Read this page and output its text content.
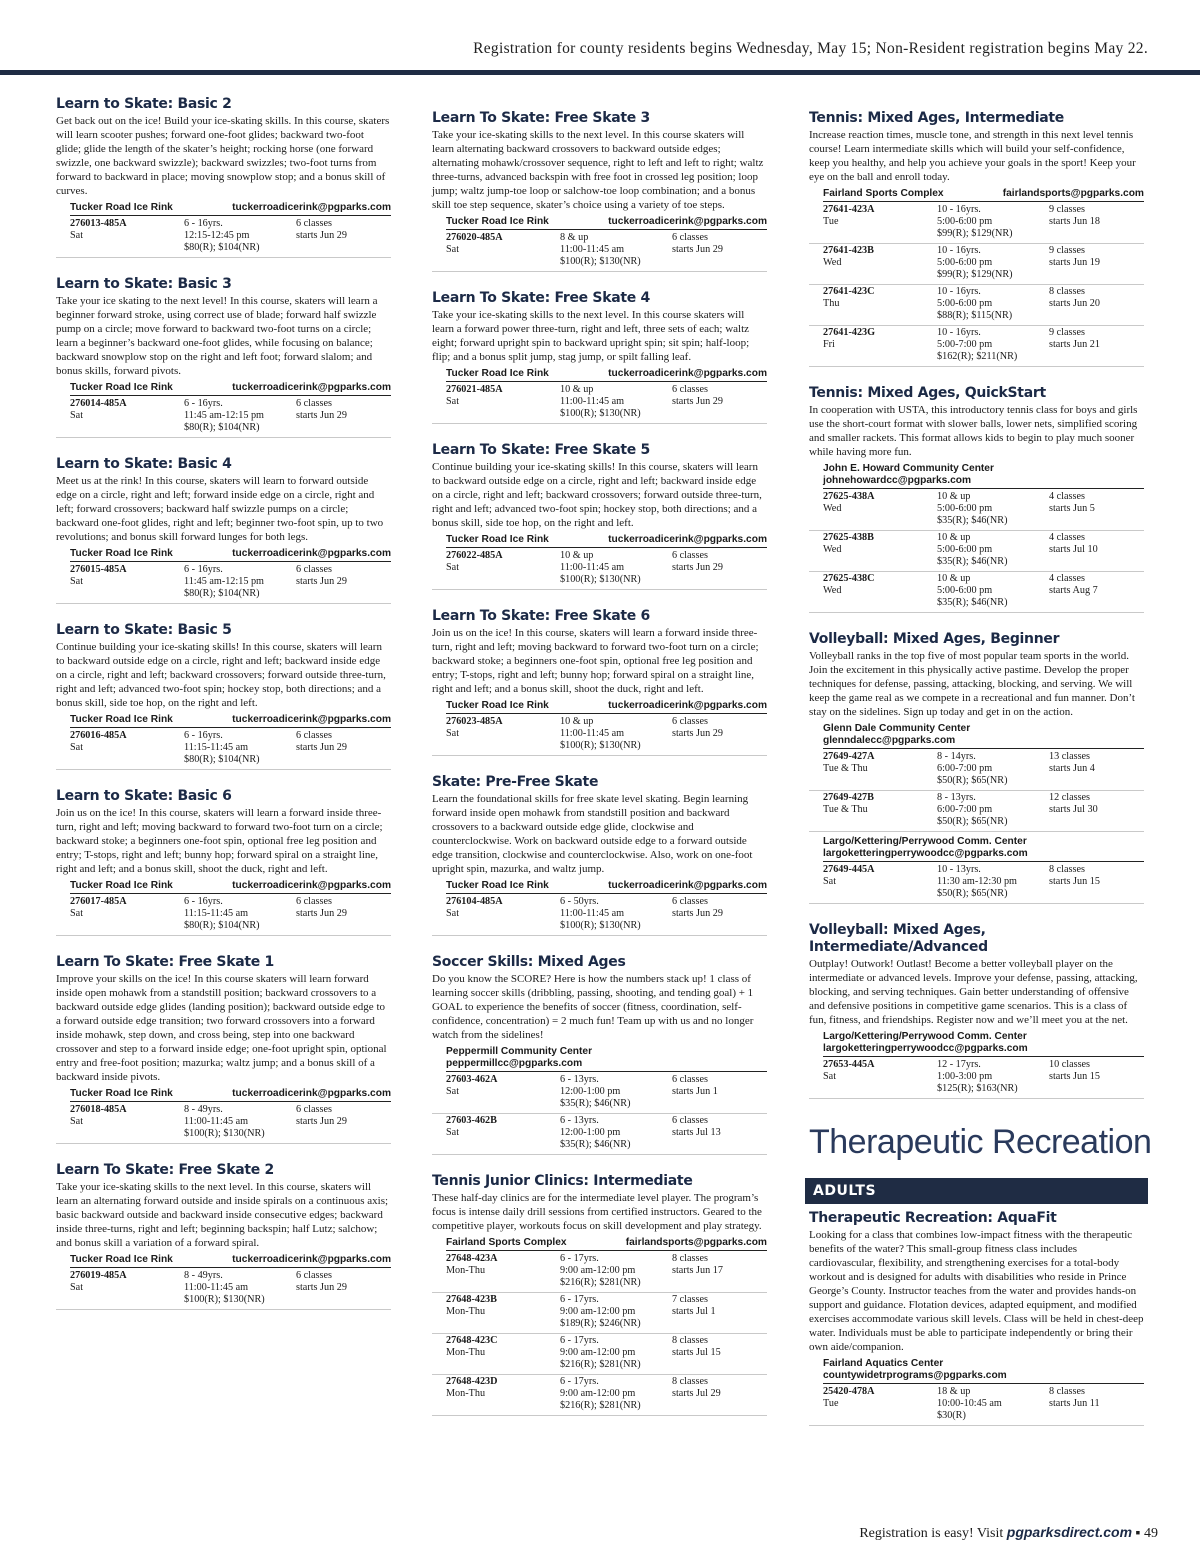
Registration for county residents begins Wednesday, May 15; Non-Resident registration begins May 22.
Learn to Skate: Basic 2
Get back out on the ice! Build your ice-skating skills. In this course, skaters will learn scooter pushes; forward one-foot glides; backward two-foot glide; glide the length of the skater’s height; rocking horse (one forward swizzle, one backward swizzle); backward swizzles; two-foot turns from forward to backward in place; moving snowplow stop; and a bonus skill of curves.
Tucker Road Ice Rink	tuckerroadicerink@pgparks.com
276013-485A	6 - 16yrs.	6 classes
Sat	12:15-12:45 pm	starts Jun 29
$80(R); $104(NR)
Learn to Skate: Basic 3
Take your ice skating to the next level! In this course, skaters will learn a beginner forward stroke, using correct use of blade; forward half swizzle pump on a circle; move forward to backward two-foot turns on a circle; learn a beginner’s backward one-foot glides, while focusing on balance; backward snowplow stop on the right and left foot; forward slalom; and bonus skills, forward pivots.
Tucker Road Ice Rink	tuckerroadicerink@pgparks.com
276014-485A	6 - 16yrs.	6 classes
Sat	11:45 am-12:15 pm	starts Jun 29
$80(R); $104(NR)
Learn to Skate: Basic 4
Meet us at the rink! In this course, skaters will learn to forward outside edge on a circle, right and left; forward inside edge on a circle, right and left; forward crossovers; backward half swizzle pumps on a circle; backward one-foot glides, right and left; beginner two-foot spin, up to two revolutions; and bonus skill forward lunges for both legs.
Tucker Road Ice Rink	tuckerroadicerink@pgparks.com
276015-485A	6 - 16yrs.	6 classes
Sat	11:45 am-12:15 pm	starts Jun 29
$80(R); $104(NR)
Learn to Skate: Basic 5
Continue building your ice-skating skills! In this course, skaters will learn to backward outside edge on a circle, right and left; backward inside edge on a circle, right and left; backward crossovers; forward outside three-turn, right and left; advanced two-foot spin; hockey stop, both directions; and a bonus skill, side toe hop, on the right and left.
Tucker Road Ice Rink	tuckerroadicerink@pgparks.com
276016-485A	6 - 16yrs.	6 classes
Sat	11:15-11:45 am	starts Jun 29
$80(R); $104(NR)
Learn to Skate: Basic 6
Join us on the ice! In this course, skaters will learn a forward inside three-turn, right and left; moving backward to forward two-foot turn on a circle; backward stoke; a beginners one-foot spin, optional free leg position and entry; T-stops, right and left; bunny hop; forward spiral on a straight line, right and left; and a bonus skill, shoot the duck, right and left.
Tucker Road Ice Rink	tuckerroadicerink@pgparks.com
276017-485A	6 - 16yrs.	6 classes
Sat	11:15-11:45 am	starts Jun 29
$80(R); $104(NR)
Learn To Skate: Free Skate 1
Improve your skills on the ice! In this course skaters will learn forward inside open mohawk from a standstill position; backward crossovers to a backward outside edge glides (landing position); backward outside edge to a forward outside edge transition; two forward crossovers into a forward inside mohawk, step down, and cross being, step into one backward crossover and step to a forward inside edge; one-foot upright spin, optional entry and free-foot position; mazurka; waltz jump; and a bonus skill of a backward inside pivots.
Tucker Road Ice Rink	tuckerroadicerink@pgparks.com
276018-485A	8 - 49yrs.	6 classes
Sat	11:00-11:45 am	starts Jun 29
$100(R); $130(NR)
Learn To Skate: Free Skate 2
Take your ice-skating skills to the next level. In this course, skaters will learn an alternating forward outside and inside spirals on a continuous axis; basic backward outside and backward inside consecutive edges; backward inside three-turns, right and left; beginning backspin; half Lutz; salchow; and bonus skill a variation of a forward spiral.
Tucker Road Ice Rink	tuckerroadicerink@pgparks.com
276019-485A	8 - 49yrs.	6 classes
Sat	11:00-11:45 am	starts Jun 29
$100(R); $130(NR)
Learn To Skate: Free Skate 3
Take your ice-skating skills to the next level. In this course skaters will learn alternating backward crossovers to backward outside edges; alternating mohawk/crossover sequence, right to left and left to right; waltz three-turns, advanced backspin with free foot in crossed leg position; loop jump; waltz jump-toe loop or salchow-toe loop combination; and a bonus skill toe step sequence, skater’s choice using a variety of toe steps.
Tucker Road Ice Rink	tuckerroadicerink@pgparks.com
276020-485A	8 & up	6 classes
Sat	11:00-11:45 am	starts Jun 29
$100(R); $130(NR)
Learn To Skate: Free Skate 4
Take your ice-skating skills to the next level. In this course skaters will learn a forward power three-turn, right and left, three sets of each; waltz eight; forward upright spin to backward upright spin; sit spin; half-loop; flip; and a bonus split jump, stag jump, or spilt falling leaf.
Tucker Road Ice Rink	tuckerroadicerink@pgparks.com
276021-485A	10 & up	6 classes
Sat	11:00-11:45 am	starts Jun 29
$100(R); $130(NR)
Learn To Skate: Free Skate 5
Continue building your ice-skating skills! In this course, skaters will learn to backward outside edge on a circle, right and left; backward inside edge on a circle, right and left; backward crossovers; forward outside three-turn, right and left; advanced two-foot spin; hockey stop, both directions; and a bonus skill, side toe hop, on the right and left.
Tucker Road Ice Rink	tuckerroadicerink@pgparks.com
276022-485A	10 & up	6 classes
Sat	11:00-11:45 am	starts Jun 29
$100(R); $130(NR)
Learn To Skate: Free Skate 6
Join us on the ice! In this course, skaters will learn a forward inside three-turn, right and left; moving backward to forward two-foot turn on a circle; backward stoke; a beginners one-foot spin, optional free leg position and entry; T-stops, right and left; bunny hop; forward spiral on a straight line, right and left; and a bonus skill, shoot the duck, right and left.
Tucker Road Ice Rink	tuckerroadicerink@pgparks.com
276023-485A	10 & up	6 classes
Sat	11:00-11:45 am	starts Jun 29
$100(R); $130(NR)
Skate: Pre-Free Skate
Learn the foundational skills for free skate level skating. Begin learning forward inside open mohawk from standstill position and backward crossovers to a backward outside edge glide, clockwise and counterclockwise. Work on backward outside edge to a forward outside edge transition, clockwise and counterclockwise. Also, work on one-foot upright spin, mazurka, and waltz jump.
Tucker Road Ice Rink	tuckerroadicerink@pgparks.com
276104-485A	6 - 50yrs.	6 classes
Sat	11:00-11:45 am	starts Jun 29
$100(R); $130(NR)
Soccer Skills: Mixed Ages
Do you know the SCORE? Here is how the numbers stack up! 1 class of learning soccer skills (dribbling, passing, shooting, and tending goal) + 1 GOAL to experience the benefits of soccer (fitness, coordination, self-confidence, concentration) = 2 much fun! Team up with us and no longer watch from the sidelines!
Peppermill Community Center
peppermillcc@pgparks.com
27603-462A	6 - 13yrs.	6 classes
Sat	12:00-1:00 pm	starts Jun 1
$35(R); $46(NR)
27603-462B	6 - 13yrs.	6 classes
Sat	12:00-1:00 pm	starts Jul 13
$35(R); $46(NR)
Tennis Junior Clinics: Intermediate
These half-day clinics are for the intermediate level player. The program’s focus is intense daily drill sessions from certified instructors. Geared to the competitive player, workouts focus on skill development and play strategy.
Fairland Sports Complex	fairlandsports@pgparks.com
27648-423A	6 - 17yrs.	8 classes
Mon-Thu	9:00 am-12:00 pm	starts Jun 17
$216(R); $281(NR)
27648-423B	6 - 17yrs.	7 classes
Mon-Thu	9:00 am-12:00 pm	starts Jul 1
$189(R); $246(NR)
27648-423C	6 - 17yrs.	8 classes
Mon-Thu	9:00 am-12:00 pm	starts Jul 15
$216(R); $281(NR)
27648-423D	6 - 17yrs.	8 classes
Mon-Thu	9:00 am-12:00 pm	starts Jul 29
$216(R); $281(NR)
Tennis: Mixed Ages, Intermediate
Increase reaction times, muscle tone, and strength in this next level tennis course! Learn intermediate skills which will build your self-confidence, keep you healthy, and help you achieve your goals in the sport! Keep your eye on the ball and enroll today.
Fairland Sports Complex	fairlandsports@pgparks.com
27641-423A	10 - 16yrs.	9 classes
Tue	5:00-6:00 pm	starts Jun 18
$99(R); $129(NR)
27641-423B	10 - 16yrs.	9 classes
Wed	5:00-6:00 pm	starts Jun 19
$99(R); $129(NR)
27641-423C	10 - 16yrs.	8 classes
Thu	5:00-6:00 pm	starts Jun 20
$88(R); $115(NR)
27641-423G	10 - 16yrs.	9 classes
Fri	5:00-7:00 pm	starts Jun 21
$162(R); $211(NR)
Tennis: Mixed Ages, QuickStart
In cooperation with USTA, this introductory tennis class for boys and girls use the short-court format with slower balls, lower nets, simplified scoring and smaller rackets. This format allows kids to begin to play much sooner while having more fun.
John E. Howard Community Center
johnehowardcc@pgparks.com
27625-438A	10 & up	4 classes
Wed	5:00-6:00 pm	starts Jun 5
$35(R); $46(NR)
27625-438B	10 & up	4 classes
Wed	5:00-6:00 pm	starts Jul 10
$35(R); $46(NR)
27625-438C	10 & up	4 classes
Wed	5:00-6:00 pm	starts Aug 7
$35(R); $46(NR)
Volleyball: Mixed Ages, Beginner
Volleyball ranks in the top five of most popular team sports in the world. Join the excitement in this physically active pastime. Develop the proper techniques for defense, passing, attacking, blocking, and serving. We will keep the game real as we compete in a recreational and fun manner. Don’t stay on the sidelines. Sign up today and get in on the action.
Glenn Dale Community Center
glenndalecc@pgparks.com
27649-427A	8 - 14yrs.	13 classes
Tue & Thu	6:00-7:00 pm	starts Jun 4
$50(R); $65(NR)
27649-427B	8 - 13yrs.	12 classes
Tue & Thu	6:00-7:00 pm	starts Jul 30
$50(R); $65(NR)
Largo/Kettering/Perrywood Comm. Center
largoketteringperrywoodcc@pgparks.com
27649-445A	10 - 13yrs.	8 classes
Sat	11:30 am-12:30 pm	starts Jun 15
$50(R); $65(NR)
Volleyball: Mixed Ages, Intermediate/Advanced
Outplay! Outwork! Outlast! Become a better volleyball player on the intermediate or advanced levels. Improve your defense, passing, attacking, blocking, and serving techniques. Gain better understanding of offensive and defensive positions in competitive game scenarios. This is a class of fun, fitness, and friendships. Register now and we’ll meet you at the net.
Largo/Kettering/Perrywood Comm. Center
largoketteringperrywoodcc@pgparks.com
27653-445A	12 - 17yrs.	10 classes
Sat	1:00-3:00 pm	starts Jun 15
$125(R); $163(NR)
Therapeutic Recreation
ADULTS
Therapeutic Recreation: AquaFit
Looking for a class that combines low-impact fitness with the therapeutic benefits of the water? This small-group fitness class includes cardiovascular, flexibility, and strengthening exercises for a total-body workout and is designed for adults with disabilities who reside in Prince George’s County. Instructor teaches from the water and provides hands-on support and guidance. Flotation devices, adapted equipment, and modified exercises accommodate various skill levels. Class will be held in chest-deep water. Individuals must be able to participate independently or bring their own aide/companion.
Fairland Aquatics Center
countywidetrprograms@pgparks.com
25420-478A	18 & up	8 classes
Tue	10:00-10:45 am	starts Jun 11
$30(R)
Registration is easy! Visit pgparksdirect.com ▪ 49
